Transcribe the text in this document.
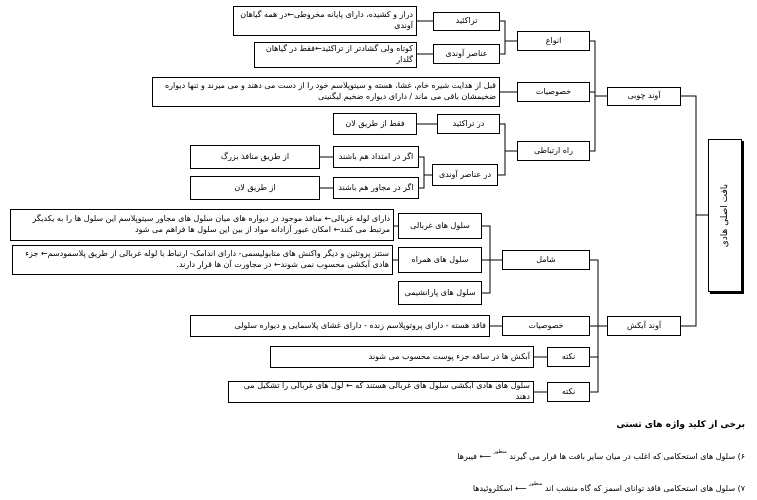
بافت اصلی هادی
آوند چوبی
انواع
تراکئید
دراز و کشیده، دارای پایانه مخروطی←در همه گیاهان آوندی
عناصر آوندی
کوتاه ولی گشادتر از تراکئید←فقط در گیاهان گلدار
خصوصیات
قبل از هدایت شیره خام، غشا، هسته و سیتوپلاسم خود را از دست می دهند و می میرند و تنها دیواره ضخیمشان باقی می ماند / دارای دیواره ضخیم لیگنینی
راه ارتباطی
در تراکئید
فقط از طریق لان
در عناصر آوندی
اگر در امتداد هم باشند
از طریق منافذ بزرگ
اگر در مجاور هم باشند
از طریق لان
آوند آبکش
شامل
سلول های غربالی
دارای لوله غربالی← منافذ موجود در دیواره های میان سلول های مجاور سیتوپلاسم این سلول ها را به یکدیگر مرتبط می کنند← امکان عبور آزادانه مواد از بین این سلول ها فراهم می شود
سلول های همراه
ستتز پروتئین و دیگر واکنش های متابولیسمی- دارای اندامک- ارتباط با لوله غربالی از طریق پلاسمودسم← جزء هادی آبکشی محسوب نمی شوند← در مجاورت آن ها قرار دارند.
سلول های پارانشیمی
خصوصیات
فاقد هسته - دارای پروتوپلاسم زنده - دارای غشای پلاسمایی و دیواره سلولی
نکته
آبکش ها در ساقه جزء پوست محسوب می شوند
نکته
سلول های هادی آبکشی سلول های غربالی هستند که ← لول های غربالی را تشکیل می دهند
برخی از کلید واژه های تستی
۶) سلول های استحکامی که اغلب در میان سایر بافت ها قرار می گیرند $^{منظور}$ ⟵ فیبرها
۷) سلول های استحکامی فاقد توانای اسمز که گاه منشب اند $^{منظور}$ ⟵ اسکلروئیدها
